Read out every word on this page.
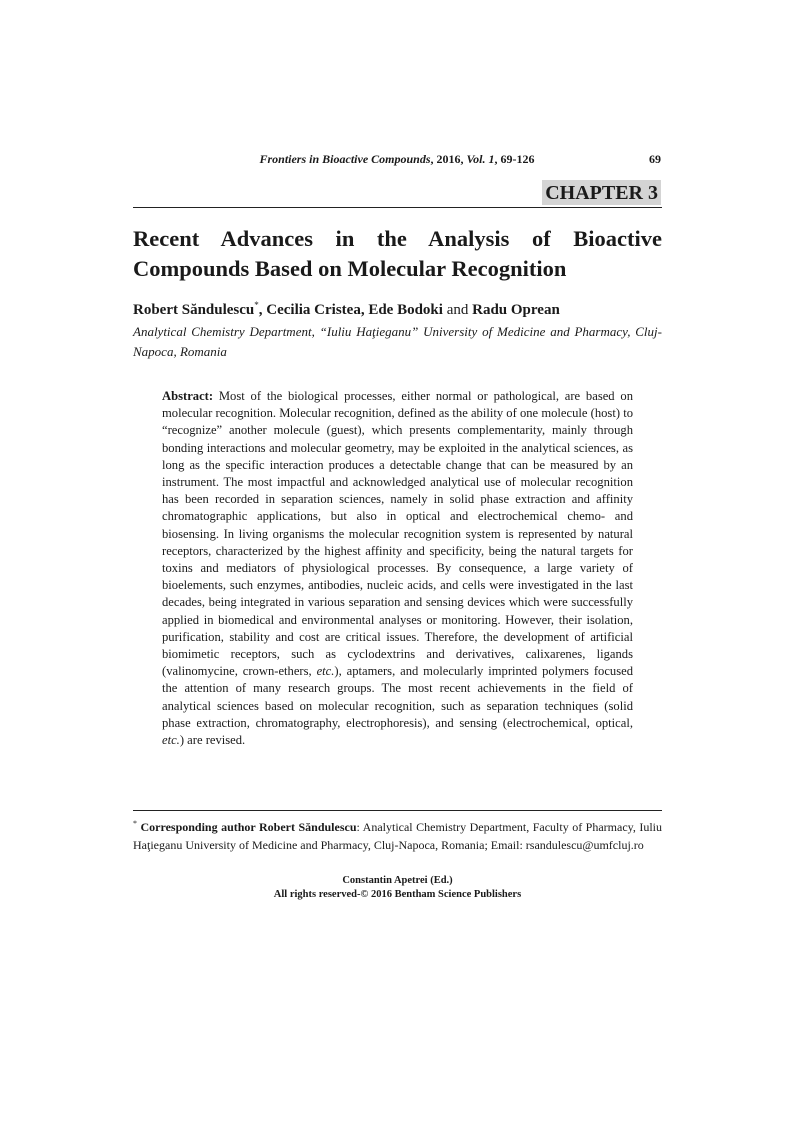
Frontiers in Bioactive Compounds, 2016, Vol. 1, 69-126	69
CHAPTER 3
Recent Advances in the Analysis of Bioactive
Compounds Based on Molecular Recognition
Robert Săndulescu*, Cecilia Cristea, Ede Bodoki and Radu Oprean
Analytical Chemistry Department, “Iuliu Haţieganu” University of Medicine and Pharmacy, Cluj-
Napoca, Romania
Abstract: Most of the biological processes, either normal or pathological, are based on molecular recognition. Molecular recognition, defined as the ability of one molecule (host) to “recognize” another molecule (guest), which presents complementarity, mainly through bonding interactions and molecular geometry, may be exploited in the analytical sciences, as long as the specific interaction produces a detectable change that can be measured by an instrument. The most impactful and acknowledged analytical use of molecular recognition has been recorded in separation sciences, namely in solid phase extraction and affinity chromatographic applications, but also in optical and electrochemical chemo- and biosensing. In living organisms the molecular recognition system is represented by natural receptors, characterized by the highest affinity and specificity, being the natural targets for toxins and mediators of physiological processes. By consequence, a large variety of bioelements, such enzymes, antibodies, nucleic acids, and cells were investigated in the last decades, being integrated in various separation and sensing devices which were successfully applied in biomedical and environmental analyses or monitoring. However, their isolation, purification, stability and cost are critical issues. Therefore, the development of artificial biomimetic receptors, such as cyclodextrins and derivatives, calixarenes, ligands (valinomycine, crown-ethers, etc.), aptamers, and molecularly imprinted polymers focused the attention of many research groups. The most recent achievements in the field of analytical sciences based on molecular recognition, such as separation techniques (solid phase extraction, chromatography, electrophoresis), and sensing (electrochemical, optical, etc.) are revised.
* Corresponding author Robert Săndulescu: Analytical Chemistry Department, Faculty of Pharmacy, Iuliu Haţieganu University of Medicine and Pharmacy, Cluj-Napoca, Romania; Email: rsandulescu@umfcluj.ro
Constantin Apetrei (Ed.)
All rights reserved-© 2016 Bentham Science Publishers
